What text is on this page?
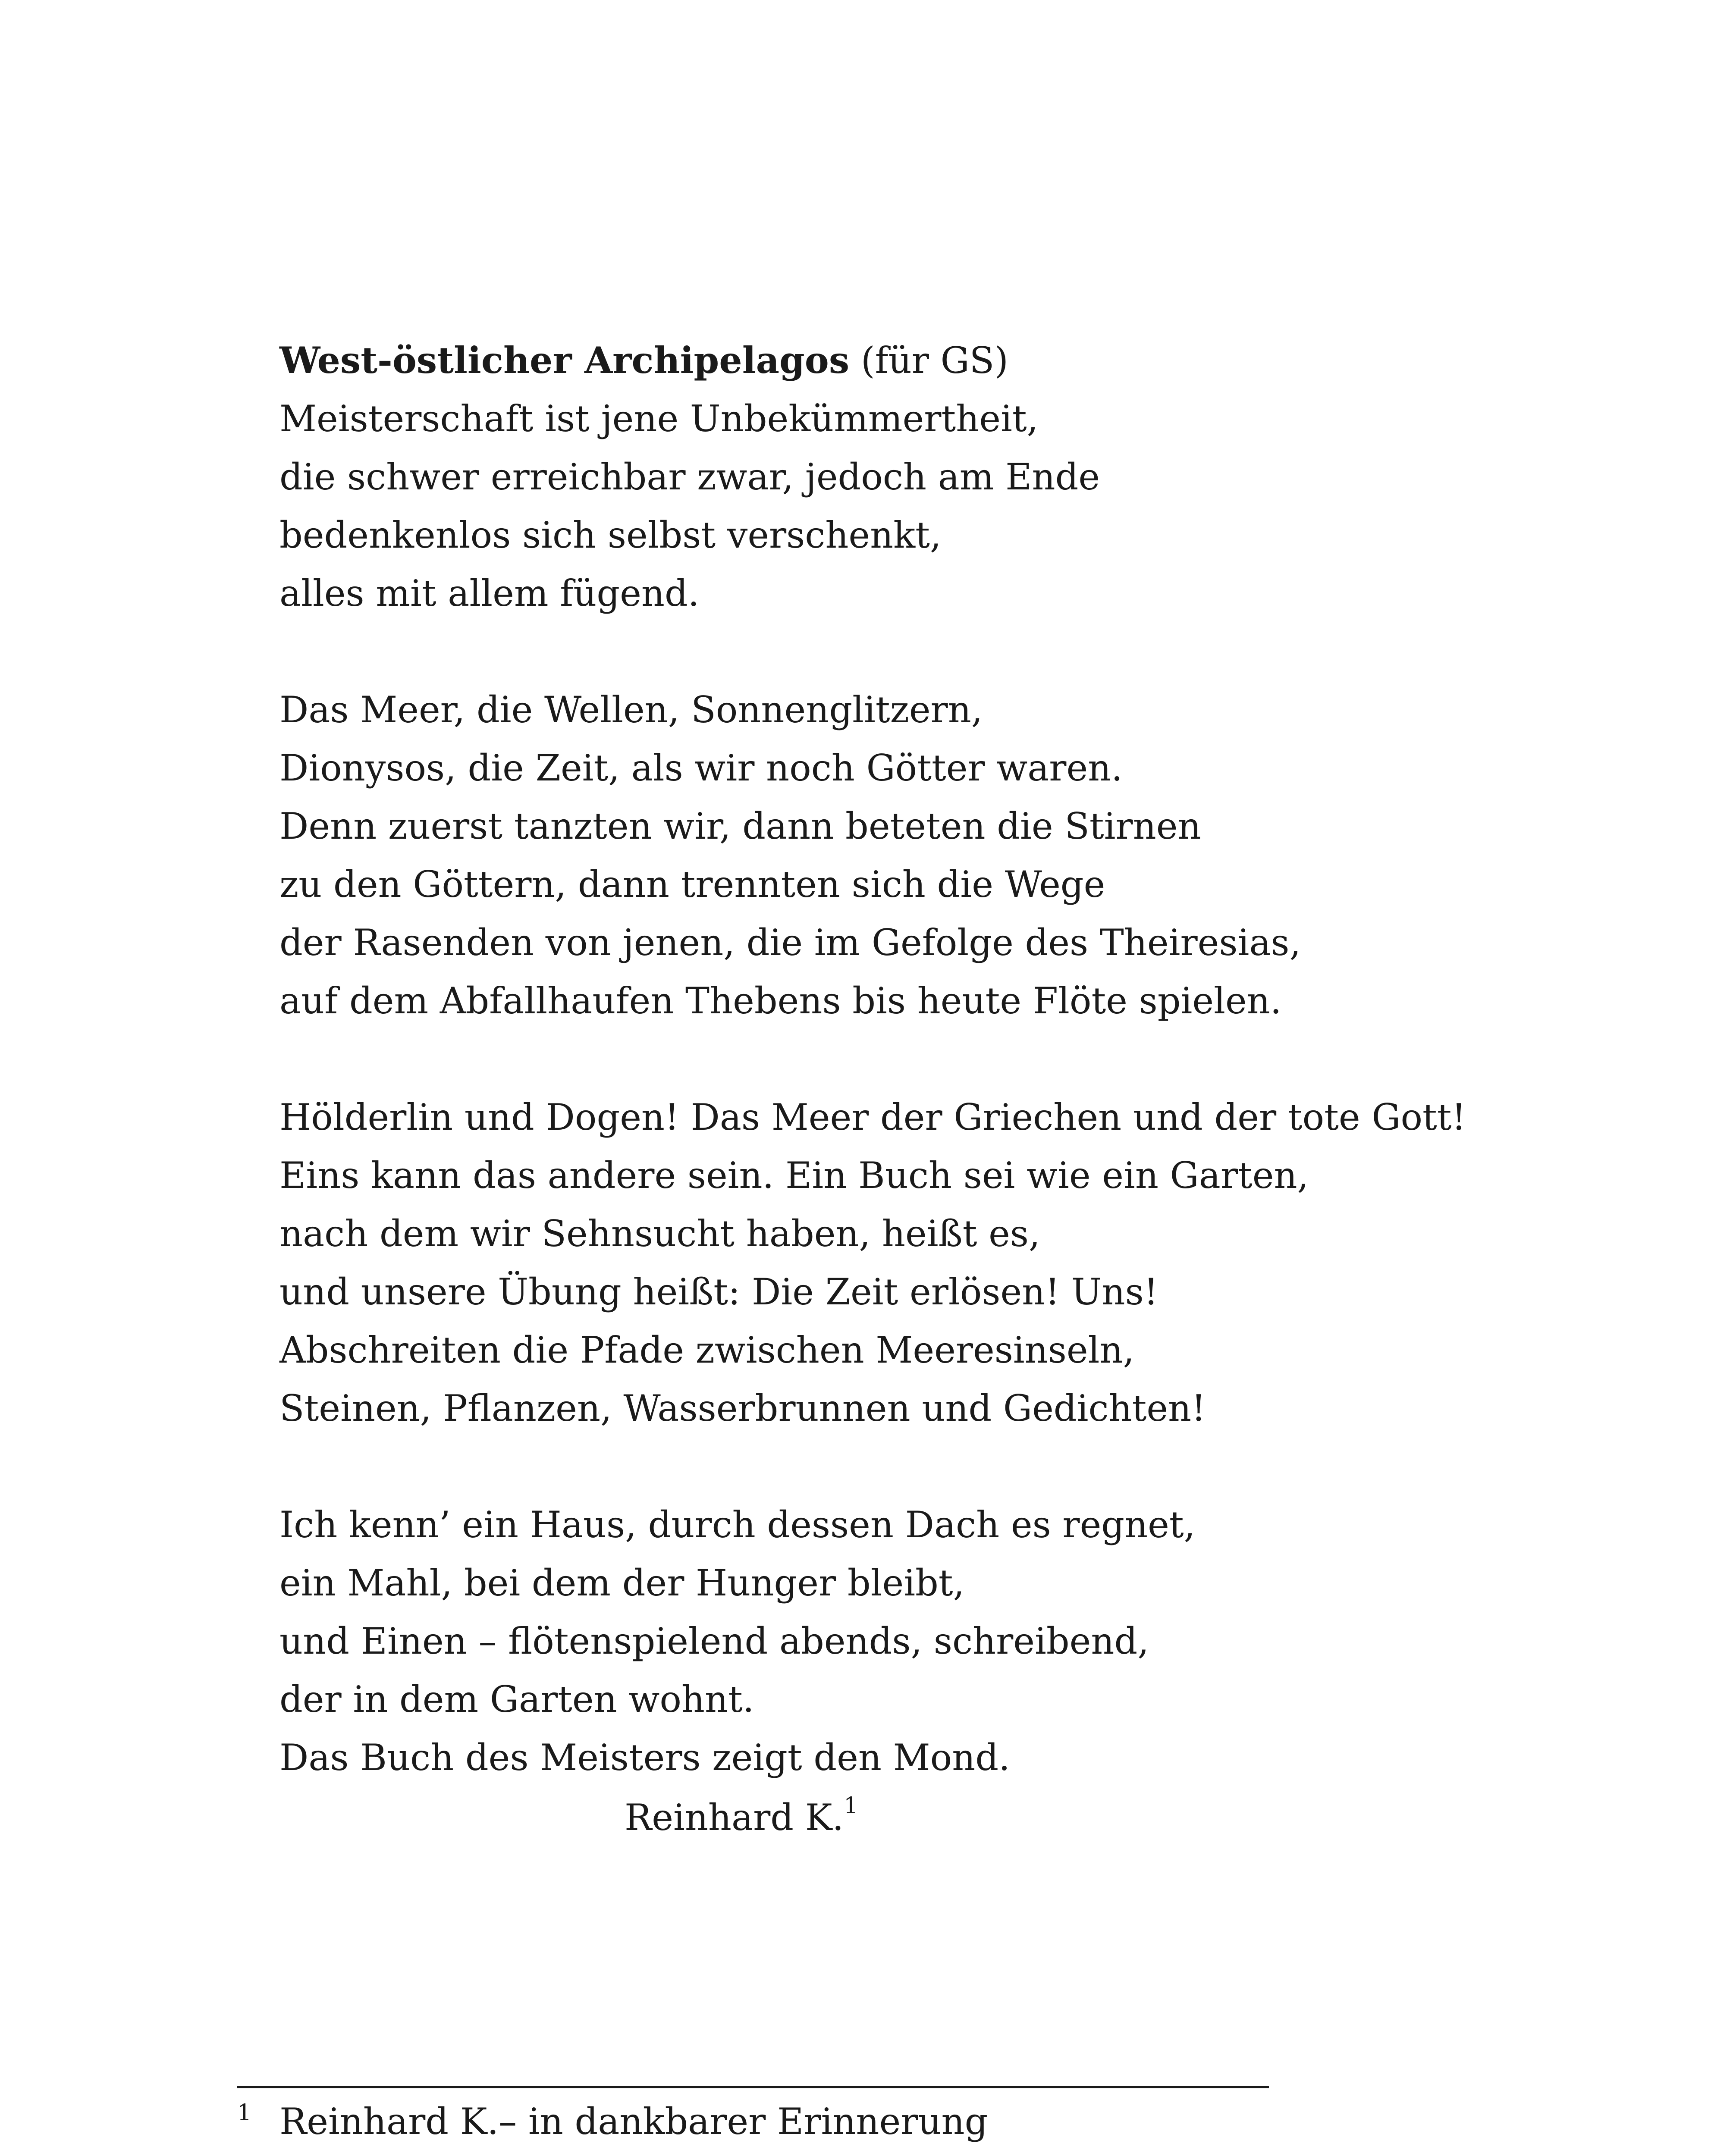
West-östlicher Archipelagos (für GS)
Meisterschaft ist jene Unbekümmertheit,
die schwer erreichbar zwar, jedoch am Ende
bedenkenlos sich selbst verschenkt,
alles mit allem fügend.
Das Meer, die Wellen, Sonnenglitzern,
Dionysos, die Zeit, als wir noch Götter waren.
Denn zuerst tanzten wir, dann beteten die Stirnen
zu den Göttern, dann trennten sich die Wege
der Rasenden von jenen, die im Gefolge des Theiresias,
auf dem Abfallhaufen Thebens bis heute Flöte spielen.
Hölderlin und Dogen! Das Meer der Griechen und der tote Gott!
Eins kann das andere sein. Ein Buch sei wie ein Garten,
nach dem wir Sehnsucht haben, heißt es,
und unsere Übung heißt: Die Zeit erlösen! Uns!
Abschreiten die Pfade zwischen Meeresinseln,
Steinen, Pflanzen, Wasserbrunnen und Gedichten!
Ich kenn’ ein Haus, durch dessen Dach es regnet,
ein Mahl, bei dem der Hunger bleibt,
und Einen – flötenspielend abends, schreibend,
der in dem Garten wohnt.
Das Buch des Meisters zeigt den Mond.
Reinhard K.$^1$
1 Reinhard K.– in dankbarer Erinnerung
